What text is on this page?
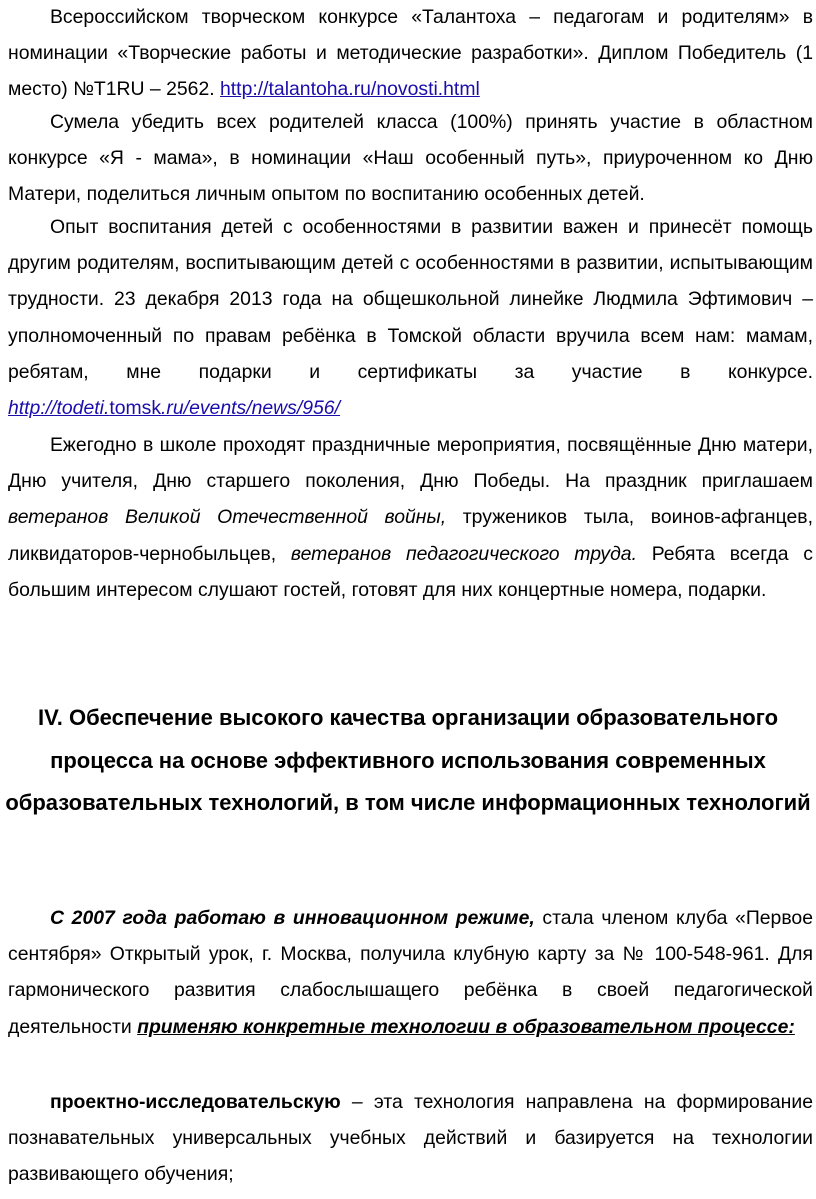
Всероссийском творческом конкурсе «Талантоха – педагогам и родителям» в номинации «Творческие работы и методические разработки». Диплом Победитель (1 место) №Т1RU – 2562. http://talantoha.ru/novosti.html

Сумела убедить всех родителей класса (100%) принять участие в областном конкурсе «Я - мама», в номинации «Наш особенный путь», приуроченном ко Дню Матери, поделиться личным опытом по воспитанию особенных детей.

Опыт воспитания детей с особенностями в развитии важен и принесёт помощь другим родителям, воспитывающим детей с особенностями в развитии, испытывающим трудности. 23 декабря 2013 года на общешкольной линейке Людмила Эфтимович – уполномоченный по правам ребёнка в Томской области вручила всем нам: мамам, ребятам, мне подарки и сертификаты за участие в конкурсе. http://todeti.tomsk.ru/events/news/956/

Ежегодно в школе проходят праздничные мероприятия, посвящённые Дню матери, Дню учителя, Дню старшего поколения, Дню Победы. На праздник приглашаем ветеранов Великой Отечественной войны, тружеников тыла, воинов-афганцев, ликвидаторов-чернобыльцев, ветеранов педагогического труда. Ребята всегда с большим интересом слушают гостей, готовят для них концертные номера, подарки.

IV. Обеспечение высокого качества организации образовательного процесса на основе эффективного использования современных образовательных технологий, в том числе информационных технологий

С 2007 года работаю в инновационном режиме, стала членом клуба «Первое сентября» Открытый урок, г. Москва, получила клубную карту за № 100-548-961. Для гармонического развития слабослышащего ребёнка в своей педагогической деятельности применяю конкретные технологии в образовательном процессе:

проектно-исследовательскую – эта технология направлена на формирование познавательных универсальных учебных действий и базируется на технологии развивающего обучения;
